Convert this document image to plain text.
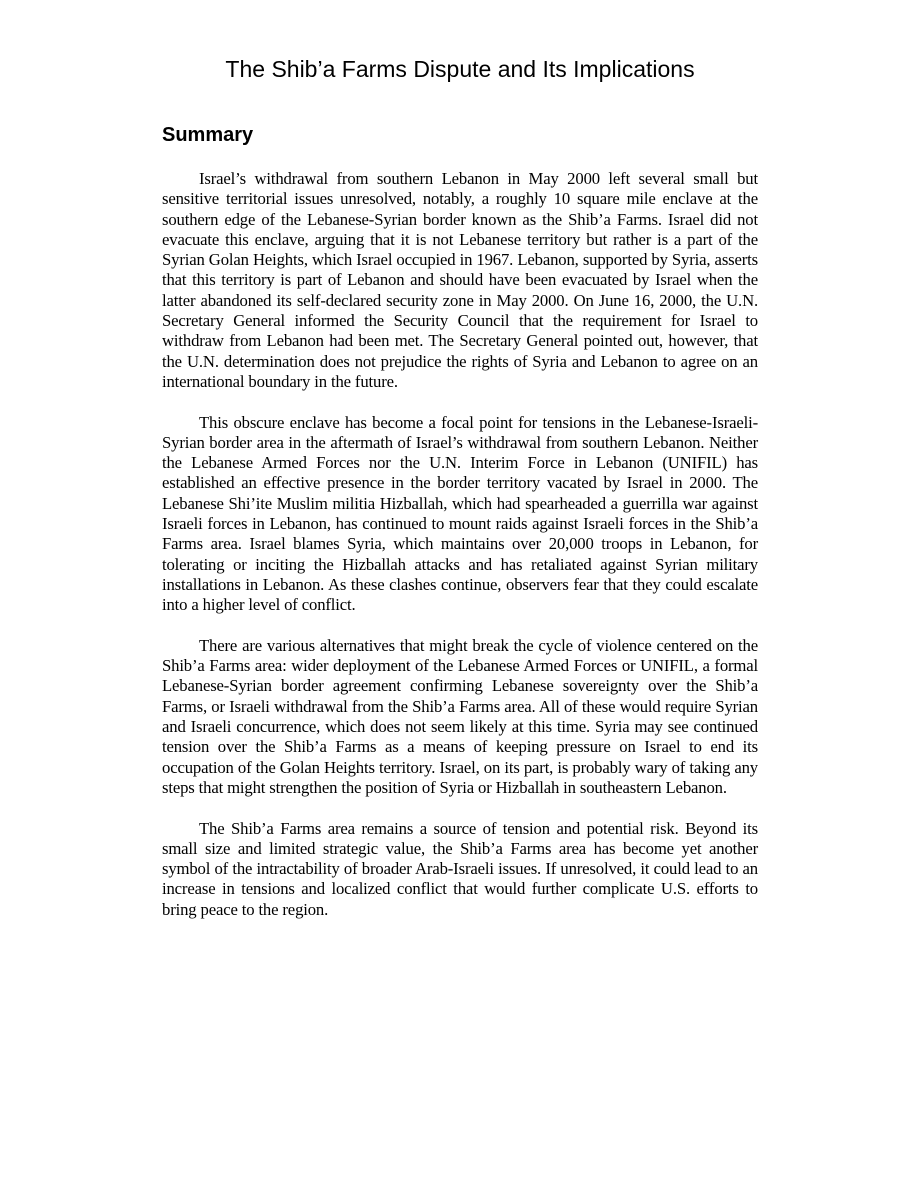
The Shib’a Farms Dispute and Its Implications
Summary

Israel’s withdrawal from southern Lebanon in May 2000 left several small but sensitive territorial issues unresolved, notably, a roughly 10 square mile enclave at the southern edge of the Lebanese-Syrian border known as the Shib’a Farms. Israel did not evacuate this enclave, arguing that it is not Lebanese territory but rather is a part of the Syrian Golan Heights, which Israel occupied in 1967. Lebanon, supported by Syria, asserts that this territory is part of Lebanon and should have been evacuated by Israel when the latter abandoned its self-declared security zone in May 2000. On June 16, 2000, the U.N. Secretary General informed the Security Council that the requirement for Israel to withdraw from Lebanon had been met. The Secretary General pointed out, however, that the U.N. determination does not prejudice the rights of Syria and Lebanon to agree on an international boundary in the future.

This obscure enclave has become a focal point for tensions in the Lebanese-Israeli-Syrian border area in the aftermath of Israel’s withdrawal from southern Lebanon. Neither the Lebanese Armed Forces nor the U.N. Interim Force in Lebanon (UNIFIL) has established an effective presence in the border territory vacated by Israel in 2000. The Lebanese Shi’ite Muslim militia Hizballah, which had spearheaded a guerrilla war against Israeli forces in Lebanon, has continued to mount raids against Israeli forces in the Shib’a Farms area. Israel blames Syria, which maintains over 20,000 troops in Lebanon, for tolerating or inciting the Hizballah attacks and has retaliated against Syrian military installations in Lebanon. As these clashes continue, observers fear that they could escalate into a higher level of conflict.

There are various alternatives that might break the cycle of violence centered on the Shib’a Farms area: wider deployment of the Lebanese Armed Forces or UNIFIL, a formal Lebanese-Syrian border agreement confirming Lebanese sovereignty over the Shib’a Farms, or Israeli withdrawal from the Shib’a Farms area. All of these would require Syrian and Israeli concurrence, which does not seem likely at this time. Syria may see continued tension over the Shib’a Farms as a means of keeping pressure on Israel to end its occupation of the Golan Heights territory. Israel, on its part, is probably wary of taking any steps that might strengthen the position of Syria or Hizballah in southeastern Lebanon.

The Shib’a Farms area remains a source of tension and potential risk. Beyond its small size and limited strategic value, the Shib’a Farms area has become yet another symbol of the intractability of broader Arab-Israeli issues. If unresolved, it could lead to an increase in tensions and localized conflict that would further complicate U.S. efforts to bring peace to the region.
